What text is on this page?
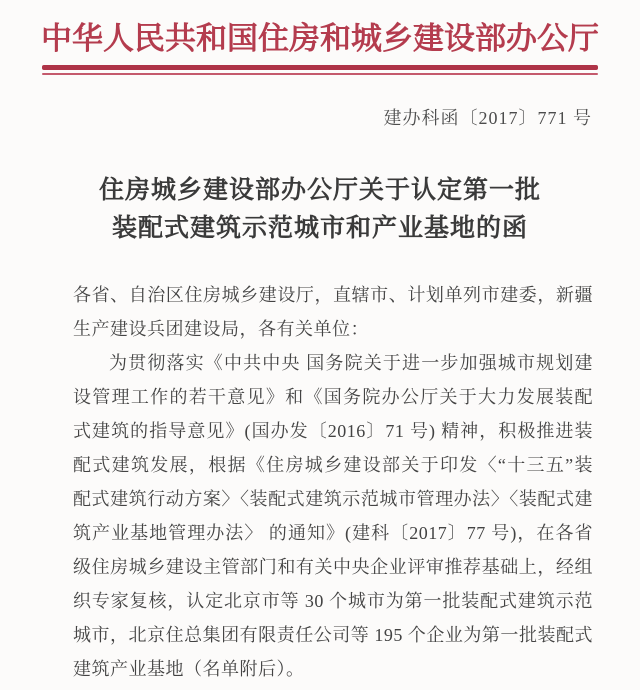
中华人民共和国住房和城乡建设部办公厅
建办科函〔2017〕771 号
住房城乡建设部办公厅关于认定第一批
装配式建筑示范城市和产业基地的函
各省、自治区住房城乡建设厅，直辖市、计划单列市建委，新疆
生产建设兵团建设局，各有关单位：
为贯彻落实《中共中央 国务院关于进一步加强城市规划建
设管理工作的若干意见》和《国务院办公厅关于大力发展装配
式建筑的指导意见》(国办发〔2016〕71 号) 精神，积极推进装
配式建筑发展，根据《住房城乡建设部关于印发〈“十三五”装
配式建筑行动方案〉〈装配式建筑示范城市管理办法〉〈装配式建
筑产业基地管理办法〉 的通知》(建科〔2017〕77 号)，在各省
级住房城乡建设主管部门和有关中央企业评审推荐基础上，经组
织专家复核，认定北京市等 30 个城市为第一批装配式建筑示范
城市，北京住总集团有限责任公司等 195 个企业为第一批装配式
建筑产业基地（名单附后）。
